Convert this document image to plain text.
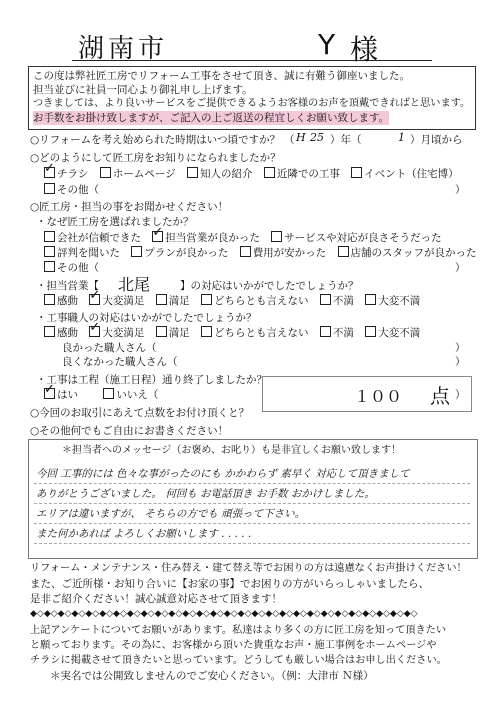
湖南市	Y 様
この度は弊社匠工房でリフォーム工事をさせて頂き、誠に有難う御座いました。
担当並びに社員一同心より御礼申し上げます。
つきましては、より良いサービスをご提供できるようお客様のお声を頂戴できればと思います。
お手数をお掛け致しますが、ご記入の上ご返送の程宜しくお願い致します。
○リフォームを考え始められた時期はいつ頃ですか？ （ H 25 ）年（	1 ）月頃から
○どのようにして匠工房をお知りになられましたか？
✓チラシ ホームページ 知人の紹介 近隣での工事 イベント（住宅博）
その他（	）
○匠工房・担当の事をお聞かせください！
・なぜ匠工房を選ばれましたか？
会社が信頼できた ✓ 担当営業が良かった サービスや対応が良さそうだった
評判を聞いた プランが良かった 費用が安かった 店舗のスタッフが良かった
その他（	）
・担当営業【 北尾	】の対応はいかがでしたでしょうか？
感動 ✓ 大変満足 満足 どちらとも言えない 不満 大変不満
・工事職人の対応はいかがでしたでしょうか？
感動 ✓ 大変満足 満足 どちらとも言えない 不満 大変不満
良かった職人さん（	）
良くなかった職人さん（	）
・工事は工程（施工日程）通り終了しましたか？
✓はい	いいえ（	）
○今回のお取引にあえて点数をお付け頂くと？
１００ 点
○その他何でもご自由にお書きください！
＊担当者へのメッセージ（お褒め、お叱り）も是非宜しくお願い致します！
今回 工事的には 色々な事がったのにも かかわらず 素早く 対応して頂きまして
ありがとうございました。 何回も お電話頂き お手数 おかけしました。
エリアは違いますが、 そちらの方でも 頑張って下さい。
また何かあれば よろしくお願いします . . . . .
リフォーム・メンテナンス・住み替え・建て替え等でお困りの方は遠慮なくお声掛けください！
また、ご近所様・お知り合いに【お家の事】でお困りの方がいらっしゃいましたら、
是非ご紹介ください！誠心誠意対応させて頂きます！
◆◇◆◇◆◇◆◇◆◇◆◇◆◇◆◇◆◇◆◇◆◇◆◇◆◇◆◇◆◇◆◇◆◇◆◇◆◇◆◇◆◇◆◇◆◇◆◇◆◇◆◇◆◇◆◇
上記アンケートについてお願いがあります。私達はより多くの方に匠工房を知って頂きたい
と願っております。その為に、お客様から頂いた貴重なお声・施工事例をホームページや
チラシに掲載させて頂きたいと思っています。どうしても厳しい場合はお申し出ください。
＊実名では公開致しませんのでご安心ください。（例：大津市 Ｎ様）
